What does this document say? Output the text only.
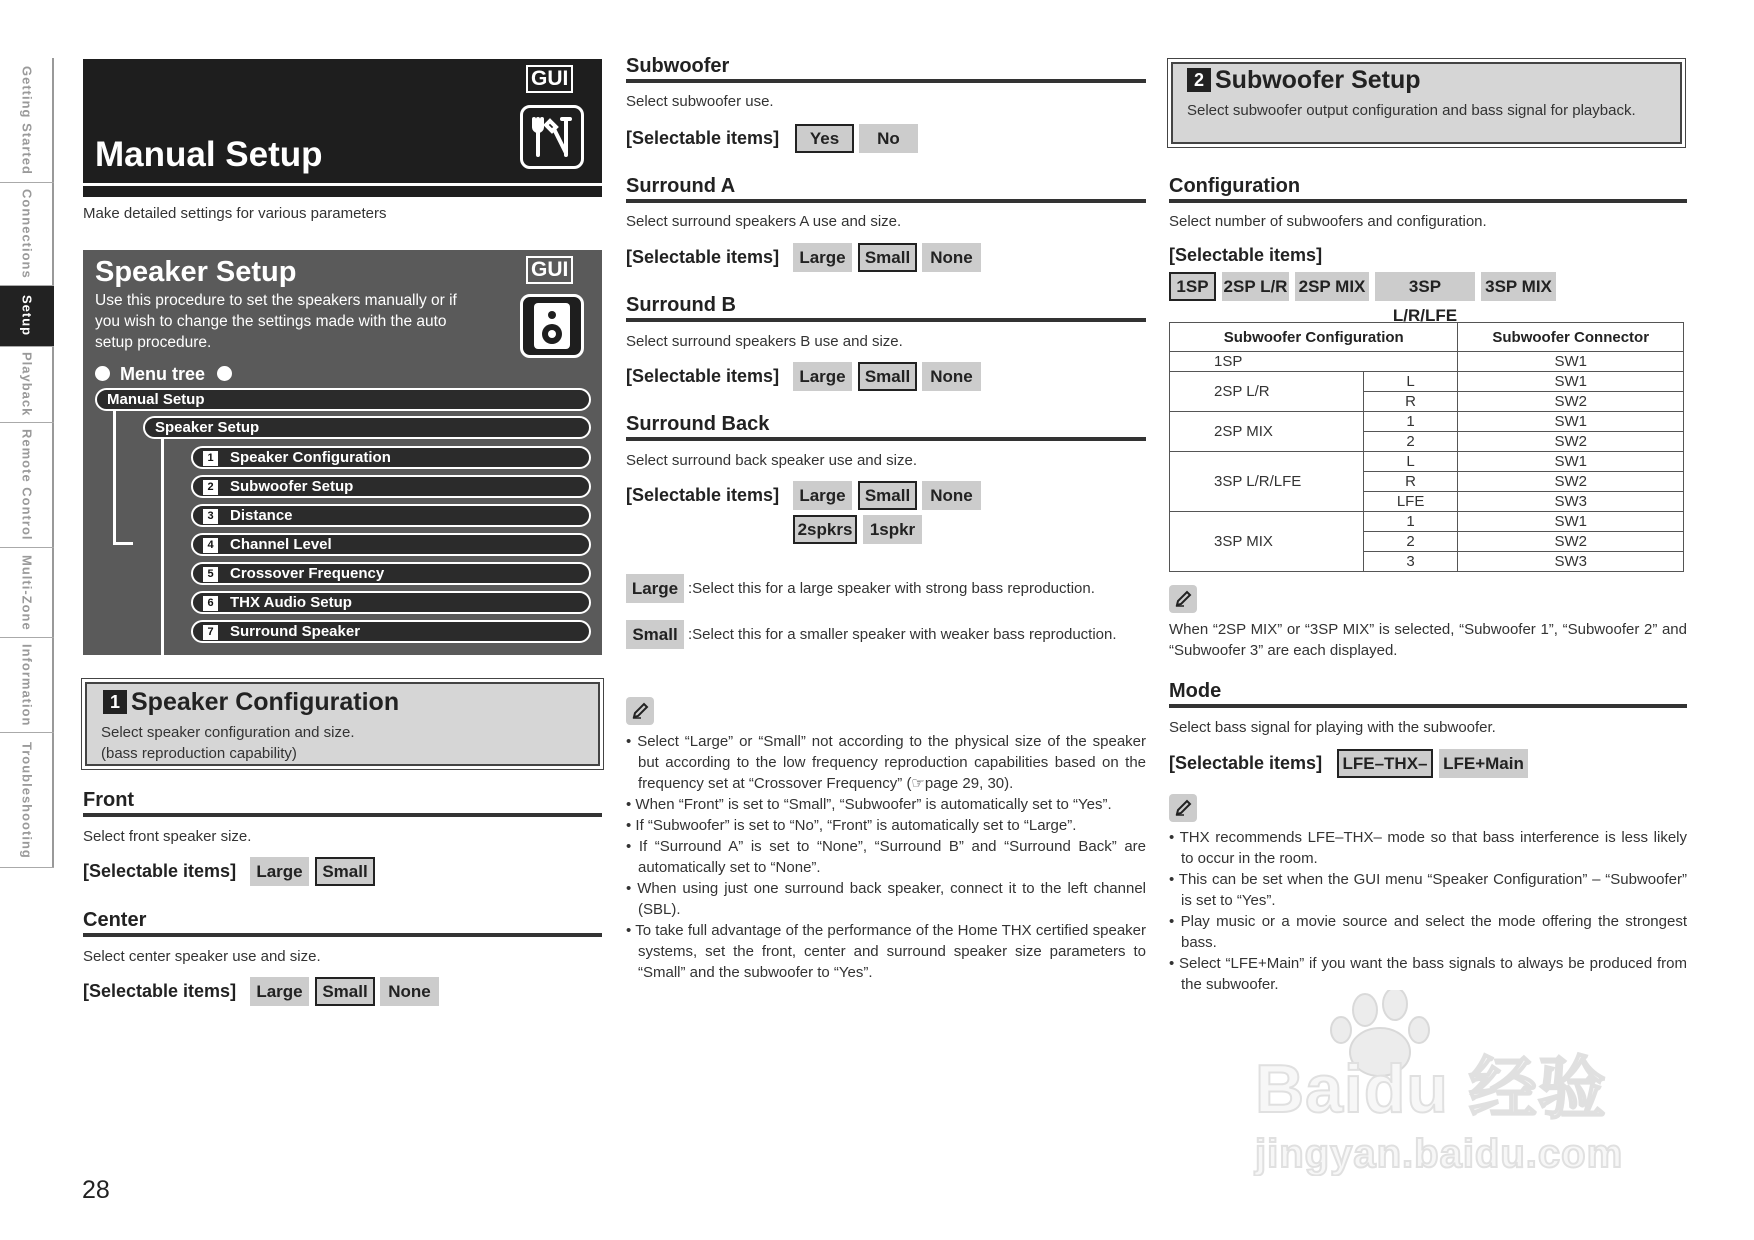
Getting Started
Connections
Setup
Playback
Remote Control
Multi-Zone
Information
Troubleshooting
Manual Setup
GUI
Make detailed settings for various parameters
Speaker Setup
Use this procedure to set the speakers manually or if you wish to change the settings made with the auto setup procedure.
GUI
Menu tree
Manual Setup
Speaker Setup
1 Speaker Configuration
2 Subwoofer Setup
3 Distance
4 Channel Level
5 Crossover Frequency
6 THX Audio Setup
7 Surround Speaker
1 Speaker Configuration
Select speaker configuration and size.
(bass reproduction capability)
Front
Select front speaker size.
[Selectable items]	Large	Small
Center
Select center speaker use and size.
[Selectable items]	Large	Small	None
Subwoofer
Select subwoofer use.
[Selectable items]	Yes	No
Surround A
Select surround speakers A use and size.
[Selectable items]	Large	Small	None
Surround B
Select surround speakers B use and size.
[Selectable items]	Large	Small	None
Surround Back
Select surround back speaker use and size.
[Selectable items]	Large	Small	None
2spkrs	1spkr
Large :Select this for a large speaker with strong bass reproduction.
Small :Select this for a smaller speaker with weaker bass reproduction.
• Select “Large” or “Small” not according to the physical size of the speaker but according to the low frequency reproduction capabilities based on the frequency set at “Crossover Frequency” (☞page 29, 30).
• When “Front” is set to “Small”, “Subwoofer” is automatically set to “Yes”.
• If “Subwoofer” is set to “No”, “Front” is automatically set to “Large”.
• If “Surround A” is set to “None”, “Surround B” and “Surround Back” are automatically set to “None”.
• When using just one surround back speaker, connect it to the left channel (SBL).
• To take full advantage of the performance of the Home THX certified speaker systems, set the front, center and surround speaker size parameters to “Small” and the subwoofer to “Yes”.
2 Subwoofer Setup
Select subwoofer output configuration and bass signal for playback.
Configuration
Select number of subwoofers and configuration.
[Selectable items]
1SP 2SP L/R 2SP MIX	3SP L/R/LFE
3SP MIX
Subwoofer Configuration		Subwoofer Connector
1SP		SW1
2SP L/R	L	SW1
	R	SW2
2SP MIX	1	SW1
	2	SW2
3SP L/R/LFE	L	SW1
	R	SW2
	LFE	SW3
3SP MIX	1	SW1
	2	SW2
	3	SW3
When “2SP MIX” or “3SP MIX” is selected, “Subwoofer 1”, “Subwoofer 2” and “Subwoofer 3” are each displayed.
Mode
Select bass signal for playing with the subwoofer.
[Selectable items]	LFE–THX– LFE+Main
• THX recommends LFE–THX– mode so that bass interference is less likely to occur in the room.
• This can be set when the GUI menu “Speaker Configuration” – “Subwoofer” is set to “Yes”.
• Play music or a movie source and select the mode offering the strongest bass.
• Select “LFE+Main” if you want the bass signals to always be produced from the subwoofer.
Baidu 经验
jingyan.baidu.com
28
